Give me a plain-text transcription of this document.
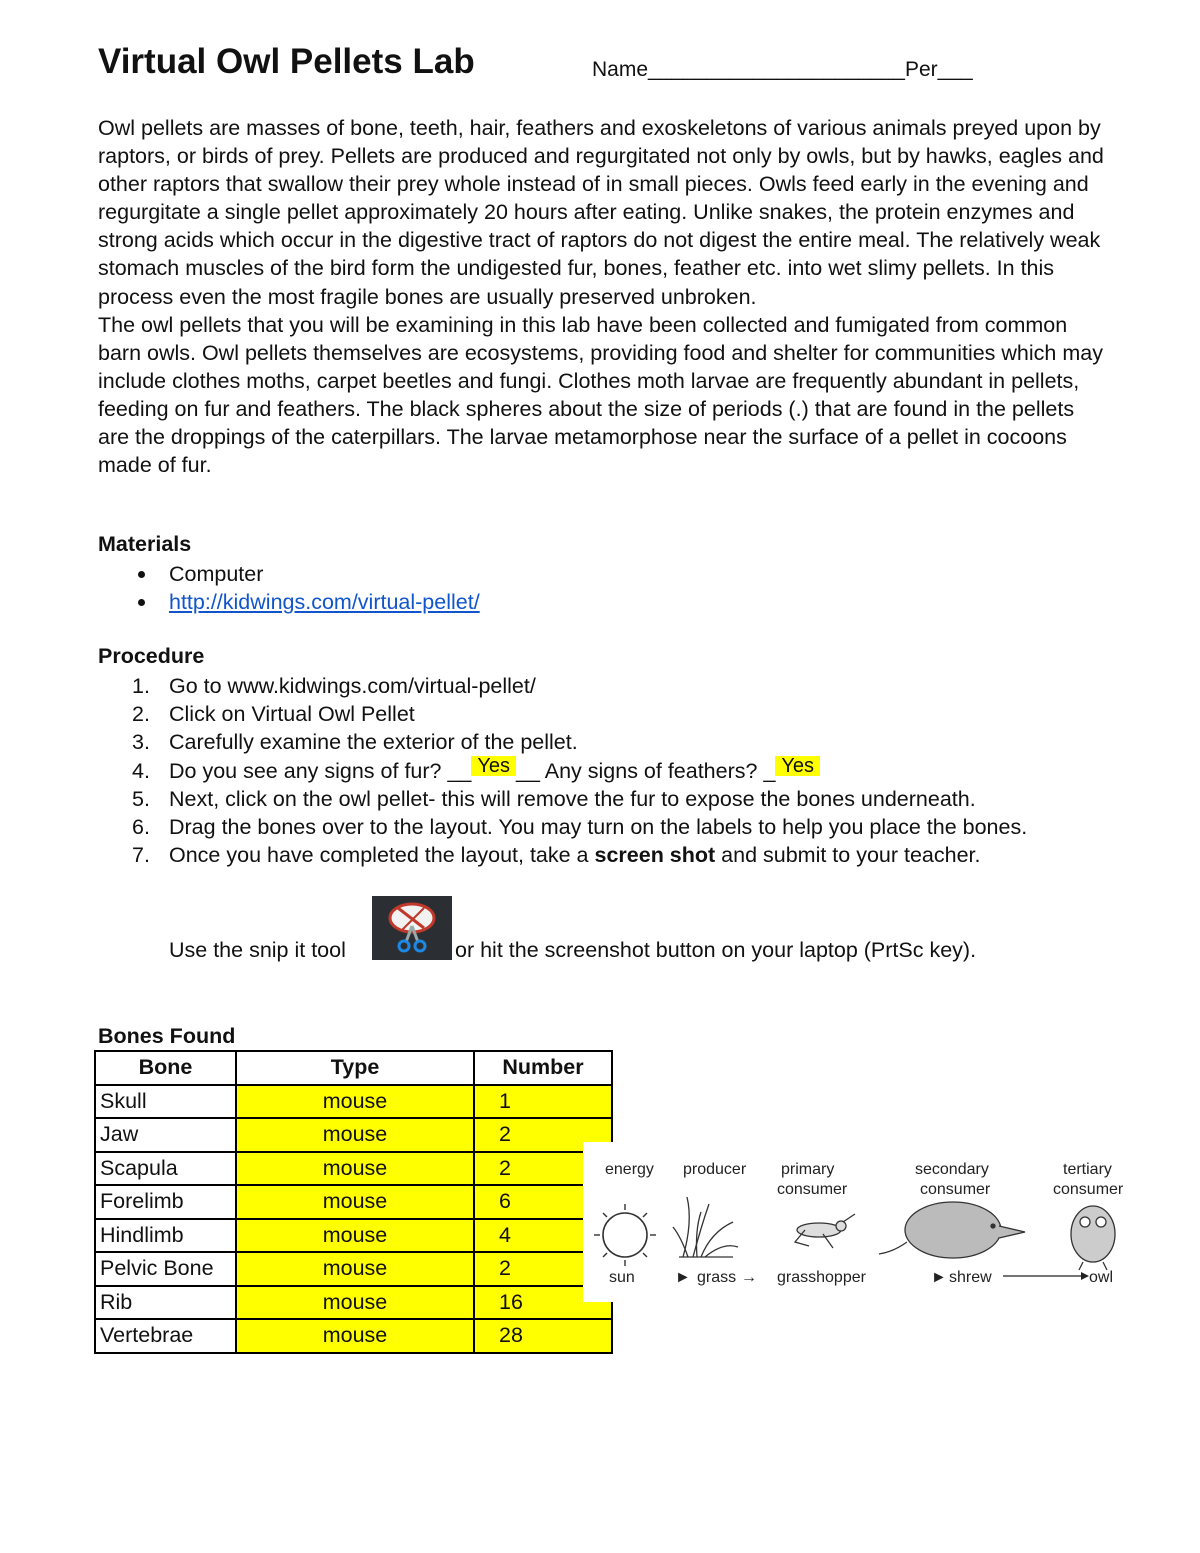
Virtual Owl Pellets Lab	Name______________________Per___

Owl pellets are masses of bone, teeth, hair, feathers and exoskeletons of various animals preyed upon by raptors, or birds of prey. Pellets are produced and regurgitated not only by owls, but by hawks, eagles and other raptors that swallow their prey whole instead of in small pieces. Owls feed early in the evening and regurgitate a single pellet approximately 20 hours after eating. Unlike snakes, the protein enzymes and strong acids which occur in the digestive tract of raptors do not digest the entire meal. The relatively weak stomach muscles of the bird form the undigested fur, bones, feather etc. into wet slimy pellets. In this process even the most fragile bones are usually preserved unbroken.

The owl pellets that you will be examining in this lab have been collected and fumigated from common barn owls. Owl pellets themselves are ecosystems, providing food and shelter for communities which may include clothes moths, carpet beetles and fungi. Clothes moth larvae are frequently abundant in pellets, feeding on fur and feathers. The black spheres about the size of periods (.) that are found in the pellets are the droppings of the caterpillars. The larvae metamorphose near the surface of a pellet in cocoons made of fur.

Materials
Computer
http://kidwings.com/virtual-pellet/
Procedure
1. Go to www.kidwings.com/virtual-pellet/
2. Click on Virtual Owl Pellet
3. Carefully examine the exterior of the pellet.
4. Do you see any signs of fur? __ Yes __ Any signs of feathers? _ Yes
5. Next, click on the owl pellet- this will remove the fur to expose the bones underneath.
6. Drag the bones over to the layout. You may turn on the labels to help you place the bones.
7. Once you have completed the layout, take a screen shot and submit to your teacher.
Use the snip it tool	or hit the screenshot button on your laptop (PrtSc key).
Bones Found
Bone	Type	Number
Skull	mouse	1
Jaw	mouse	2
Scapula	mouse	2
Forelimb	mouse	6
Hindlimb	mouse	4
Pelvic Bone	mouse	2
Rib	mouse	16
Vertebrae	mouse	28
energy producer primary
consumer
secondary
consumer
tertiary
consumer
sun	► grass → grasshopper	► shrew	owl
